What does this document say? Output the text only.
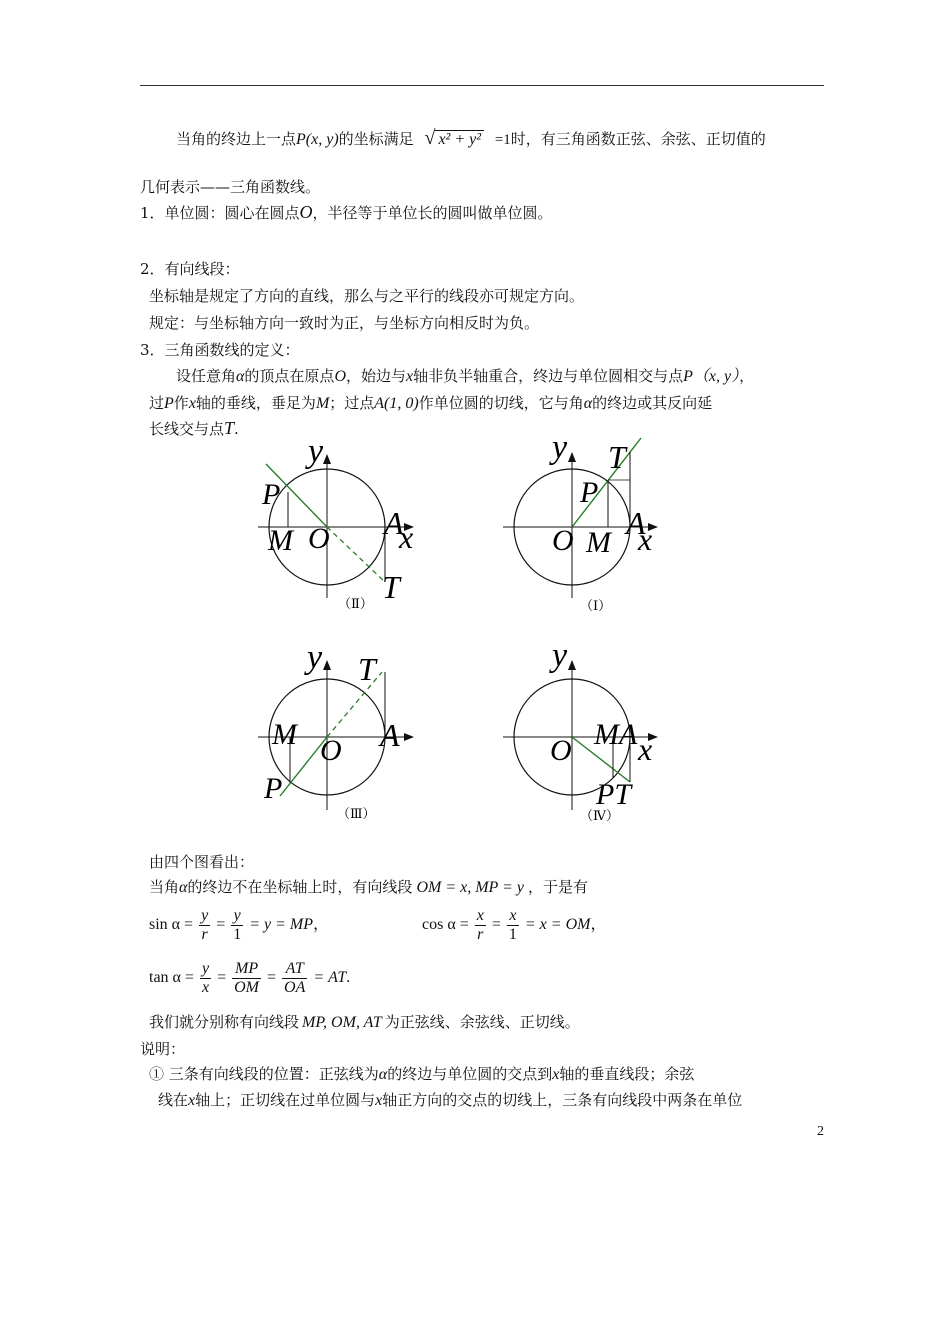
当角的终边上一点P(x, y)的坐标满足 √ x² + y² =1时，有三角函数正弦、余弦、正切值的
几何表示——三角函数线。
1．单位圆：圆心在圆点O，半径等于单位长的圆叫做单位圆。
2．有向线段：
坐标轴是规定了方向的直线，那么与之平行的线段亦可规定方向。
规定：与坐标轴方向一致时为正，与坐标方向相反时为负。
3．三角函数线的定义：
设任意角α的顶点在原点O，始边与x轴非负半轴重合，终边与单位圆相交与点P（x, y），
过P作x轴的垂线，垂足为M；过点A(1, 0)作单位圆的切线，它与角α的终边或其反向延
长线交与点T.
y
P
M O A
x
T
（Ⅱ）
y T
P
A
x
O M
（Ⅰ）
y T
M	A
O
P
（Ⅲ）
y
O MA x
PT
（Ⅳ）
由四个图看出：
当角α的终边不在坐标轴上时，有向线段 OM = x, MP = y ，于是有
$\sin \alpha = \frac{y}{r} = \frac{y}{1} = y$ = MP，	$\cos \alpha = \frac{x}{r} = \frac{x}{1} = x$ = OM，
$\tan \alpha = \frac{y}{x} = \frac{MP}{OM} = \frac{AT}{OA}$ = AT.
我们就分别称有向线段 MP, OM, AT 为正弦线、余弦线、正切线。
说明：
① 三条有向线段的位置：正弦线为α的终边与单位圆的交点到x轴的垂直线段；余弦
线在x轴上；正切线在过单位圆与x轴正方向的交点的切线上，三条有向线段中两条在单位
2
